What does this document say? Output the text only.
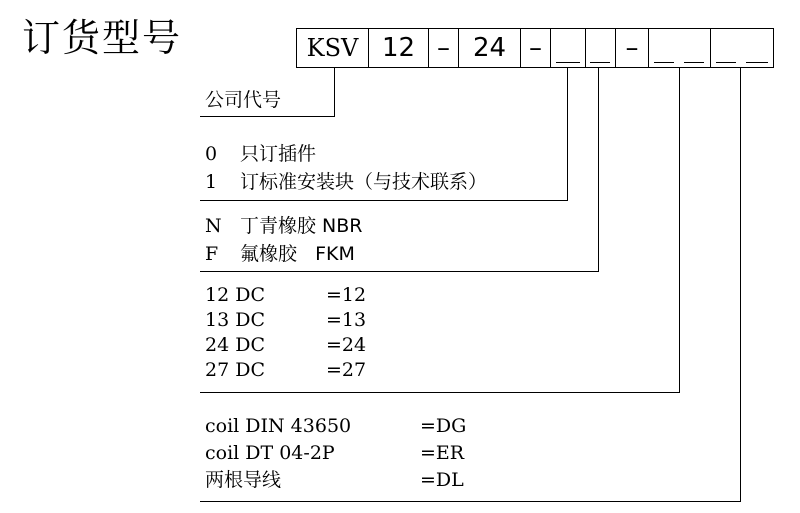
订货型号	KSV 12 – 24 –	–
公司代号
0 只订插件
1 订标准安装块（与技术联系）
N 丁青橡胶 NBR
F 氟橡胶   FKM
12 DC	=12
13 DC	=13
24 DC	=24
27 DC	=27
coil DIN 43650	=DG
coil DT 04-2P	=ER
两根导线	=DL
